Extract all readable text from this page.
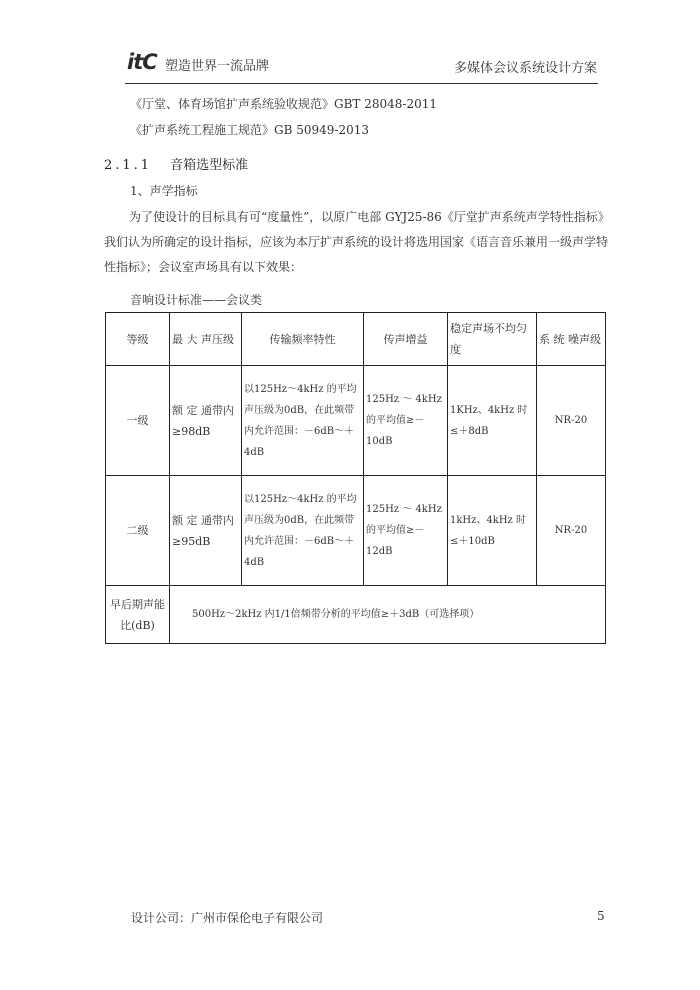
itC 塑造世界一流品牌	多媒体会议系统设计方案
《厅堂、体育场馆扩声系统验收规范》GBT 28048-2011
《扩声系统工程施工规范》GB 50949-2013
2.1.1 音箱选型标准
1、声学指标
为了使设计的目标具有可“度量性”，以原广电部 GYJ25-86《厅堂扩声系统声学特性指标》我们认为所确定的设计指标，应该为本厅扩声系统的设计将选用国家《语言音乐兼用一级声学特性指标》；会议室声场具有以下效果：
音响设计标准——会议类
等级	最 大 声压级	传输频率特性	传声增益	稳定声场不均匀度	系 统 噪声级
一级	额 定 通带内≥98dB	以125Hz～4kHz 的平均声压级为0dB，在此频带内允许范围：－6dB～＋4dB	125Hz ～ 4kHz 的平均值≥－10dB	1KHz、4kHz 时≤＋8dB	NR-20
二级	额 定 通带内≥95dB	以125Hz～4kHz 的平均声压级为0dB，在此频带内允许范围：－6dB～＋4dB	125Hz ～ 4kHz 的平均值≥－12dB	1kHz、4kHz 时≤＋10dB	NR-20
早后期声能比(dB)	500Hz～2kHz 内1/1倍频带分析的平均值≥＋3dB（可选择项）				
设计公司：广州市保伦电子有限公司	5
